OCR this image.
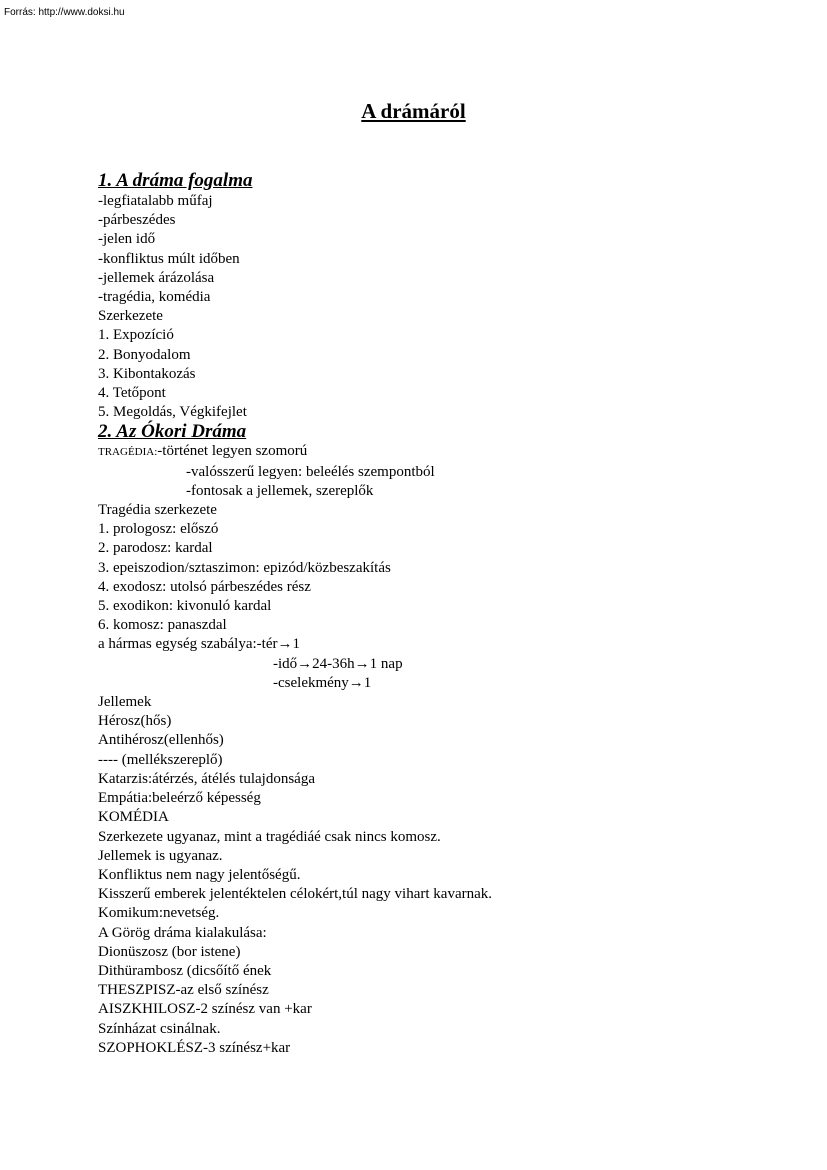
Forrás: http://www.doksi.hu
A drámáról
1. A dráma fogalma
-legfiatalabb műfaj
-párbeszédes
-jelen idő
-konfliktus múlt időben
-jellemek árázolása
-tragédia, komédia
Szerkezete
1. Expozíció
2. Bonyodalom
3. Kibontakozás
4. Tetőpont
5. Megoldás, Végkifejlet
2. Az Ókori Dráma
TRAGÉDIA:-történet legyen szomorú
-valósszerű legyen: beleélés szempontból
-fontosak a jellemek, szereplők
Tragédia szerkezete
1. prologosz: előszó
2. parodosz: kardal
3. epeiszodion/sztaszimon: epizód/közbeszakítás
4. exodosz: utolsó párbeszédes rész
5. exodikon: kivonuló kardal
6. komosz: panaszdal
a hármas egység szabálya:-tér→1
-idő→24-36h→1 nap
-cselekmény→1
Jellemek
Hérosz(hős)
Antihérosz(ellenhős)
---- (mellékszereplő)
Katarzis:átérzés, átélés tulajdonsága
Empátia:beleérző képesség
KOMÉDIA
Szerkezete ugyanaz, mint a tragédiáé csak nincs komosz.
Jellemek is ugyanaz.
Konfliktus nem nagy jelentőségű.
Kisszerű emberek jelentéktelen célokért,túl nagy vihart kavarnak.
Komikum:nevetség.
A Görög dráma kialakulása:
Dionüszosz (bor istene)
Dithürambosz (dicsőítő ének
THESZPISZ-az első színész
AISZKHILOSZ-2 színész van +kar
Színházat csinálnak.
SZOPHOKLÉSZ-3 színész+kar
